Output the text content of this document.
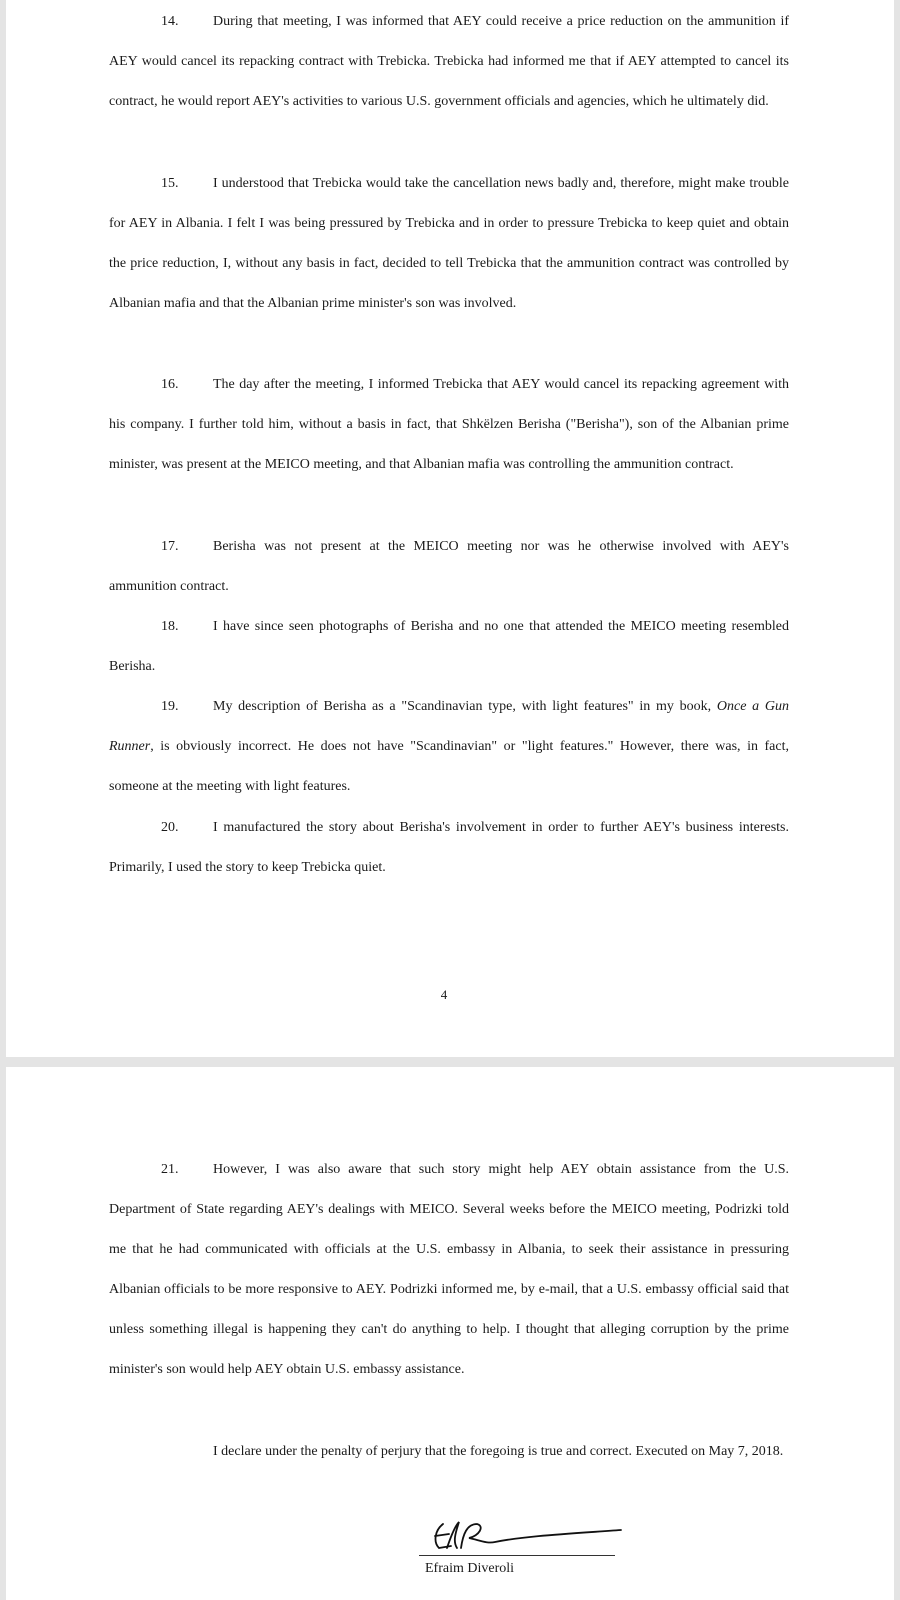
14. During that meeting, I was informed that AEY could receive a price reduction on the ammunition if AEY would cancel its repacking contract with Trebicka. Trebicka had informed me that if AEY attempted to cancel its contract, he would report AEY's activities to various U.S. government officials and agencies, which he ultimately did.

15. I understood that Trebicka would take the cancellation news badly and, therefore, might make trouble for AEY in Albania. I felt I was being pressured by Trebicka and in order to pressure Trebicka to keep quiet and obtain the price reduction, I, without any basis in fact, decided to tell Trebicka that the ammunition contract was controlled by Albanian mafia and that the Albanian prime minister's son was involved.

16. The day after the meeting, I informed Trebicka that AEY would cancel its repacking agreement with his company. I further told him, without a basis in fact, that Shkëlzen Berisha ("Berisha"), son of the Albanian prime minister, was present at the MEICO meeting, and that Albanian mafia was controlling the ammunition contract.

17. Berisha was not present at the MEICO meeting nor was he otherwise involved with AEY's ammunition contract.

18. I have since seen photographs of Berisha and no one that attended the MEICO meeting resembled Berisha.

19. My description of Berisha as a "Scandinavian type, with light features" in my book, Once a Gun Runner, is obviously incorrect. He does not have "Scandinavian" or "light features." However, there was, in fact, someone at the meeting with light features.

20. I manufactured the story about Berisha's involvement in order to further AEY's business interests. Primarily, I used the story to keep Trebicka quiet.

4

21. However, I was also aware that such story might help AEY obtain assistance from the U.S. Department of State regarding AEY's dealings with MEICO. Several weeks before the MEICO meeting, Podrizki told me that he had communicated with officials at the U.S. embassy in Albania, to seek their assistance in pressuring Albanian officials to be more responsive to AEY. Podrizki informed me, by e-mail, that a U.S. embassy official said that unless something illegal is happening they can't do anything to help. I thought that alleging corruption by the prime minister's son would help AEY obtain U.S. embassy assistance.

I declare under the penalty of perjury that the foregoing is true and correct. Executed on May 7, 2018.

Efraim Diveroli
